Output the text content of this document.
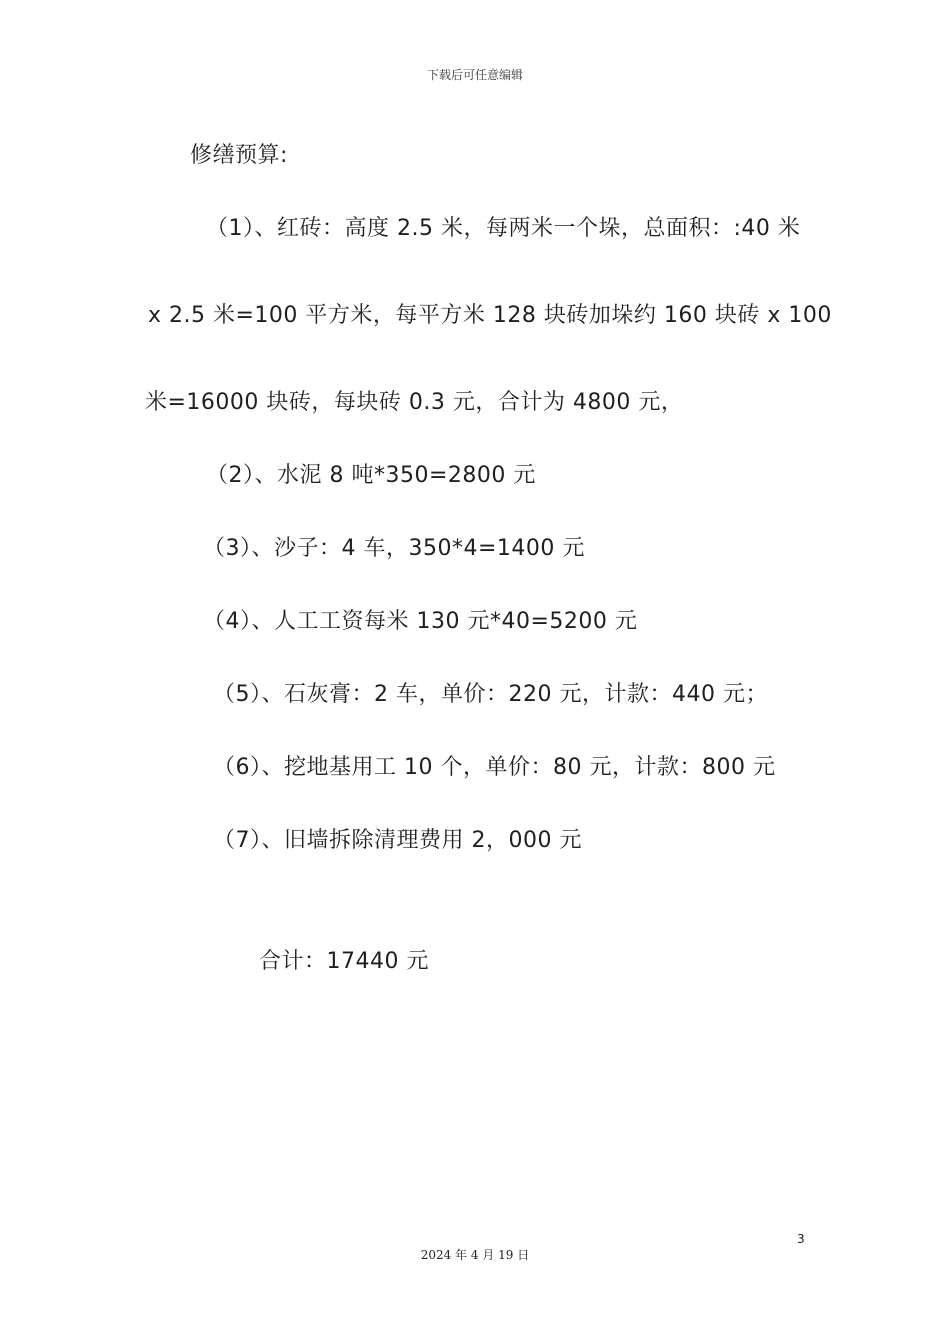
下载后可任意编辑
修缮预算:
（1）、红砖：高度 2.5 米，每两米一个垛，总面积：:40 米
x 2.5 米=100 平方米，每平方米 128 块砖加垛约 160 块砖 x 100
米=16000 块砖，每块砖 0.3 元，合计为 4800 元，
（2）、水泥 8 吨*350=2800 元
（3）、沙子：4 车，350*4=1400 元
（4）、人工工资每米 130 元*40=5200 元
（5）、石灰膏：2 车，单价：220 元，计款：440 元；
（6）、挖地基用工 10 个，单价：80 元，计款：800 元
（7）、旧墙拆除清理费用 2，000 元
合计：17440 元
3
2024 年 4 月 19 日
